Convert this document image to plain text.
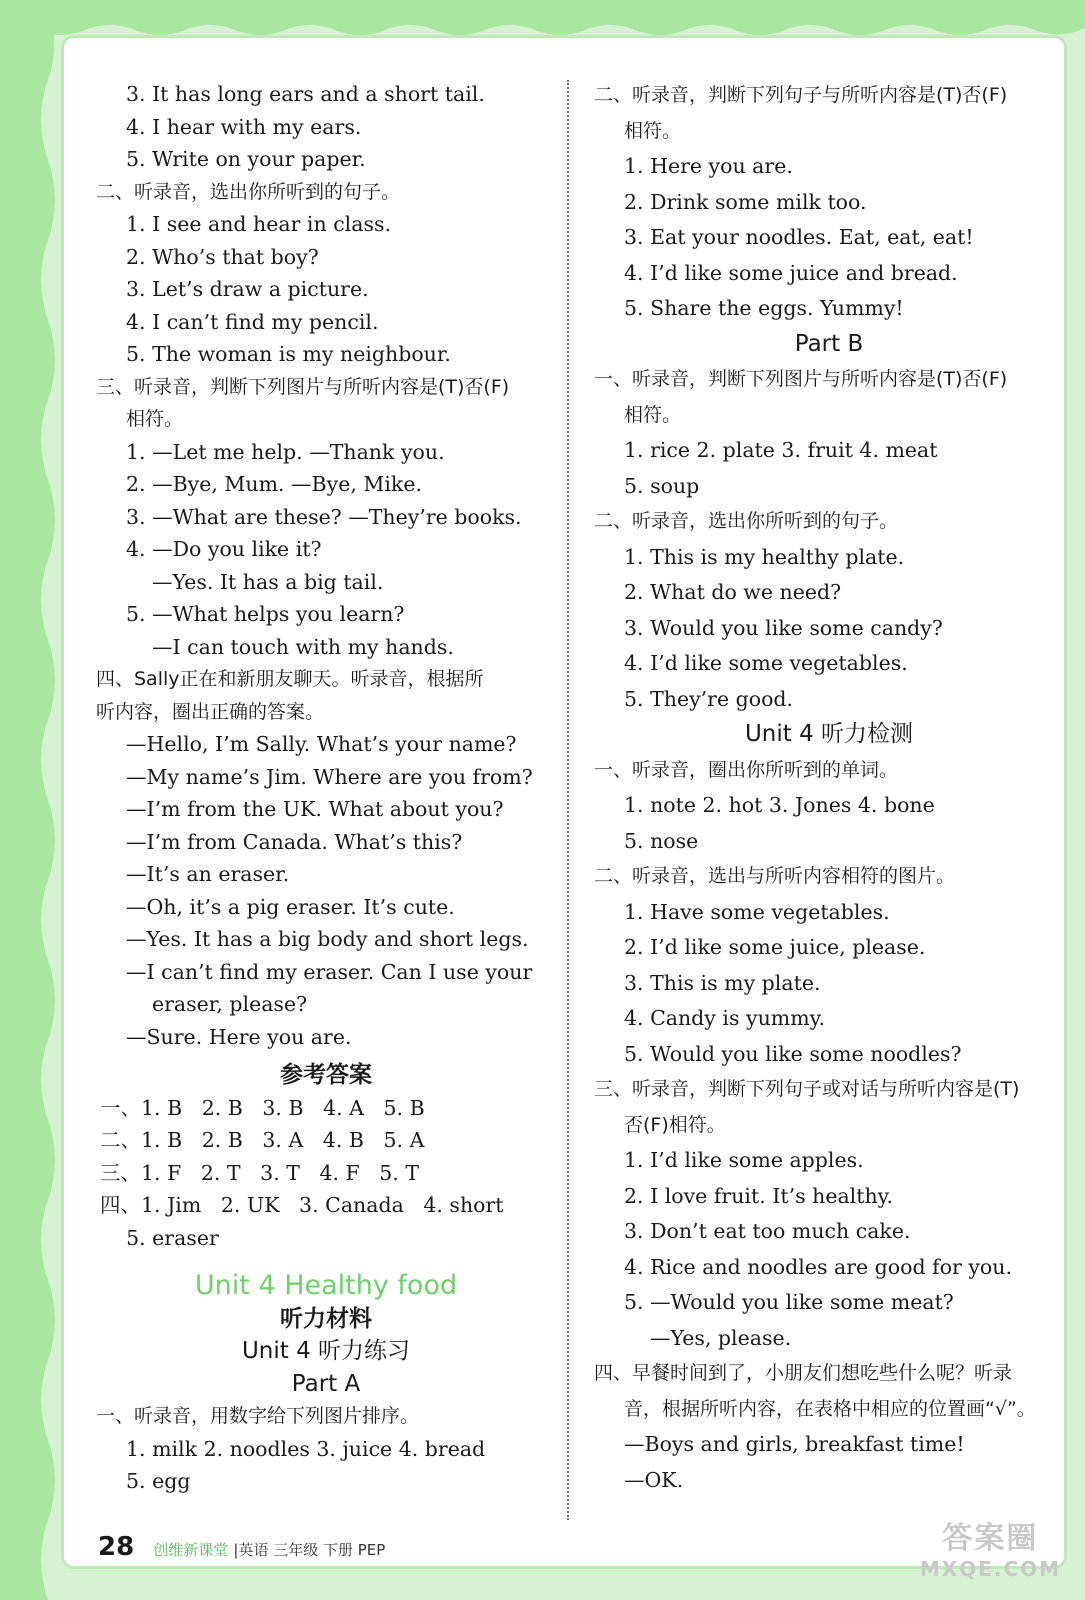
3. It has long ears and a short tail.
4. I hear with my ears.
5. Write on your paper.
二、听录音，选出你所听到的句子。
1. I see and hear in class.
2. Who’s that boy?
3. Let’s draw a picture.
4. I can’t find my pencil.
5. The woman is my neighbour.
三、听录音，判断下列图片与所听内容是(T)否(F)
相符。
1. —Let me help. —Thank you.
2. —Bye, Mum. —Bye, Mike.
3. —What are these? —They’re books.
4. —Do you like it?
—Yes. It has a big tail.
5. —What helps you learn?
—I can touch with my hands.
四、Sally正在和新朋友聊天。听录音，根据所
听内容，圈出正确的答案。
—Hello, I’m Sally. What’s your name?
—My name’s Jim. Where are you from?
—I’m from the UK. What about you?
—I’m from Canada. What’s this?
—It’s an eraser.
—Oh, it’s a pig eraser. It’s cute.
—Yes. It has a big body and short legs.
—I can’t find my eraser. Can I use your
eraser, please?
—Sure. Here you are.
参考答案
一、1. B   2. B   3. B   4. A   5. B
二、1. B   2. B   3. A   4. B   5. A
三、1. F   2. T   3. T   4. F   5. T
四、1. Jim   2. UK   3. Canada   4. short
5. eraser
Unit 4 Healthy food
听力材料
Unit 4 听力练习
Part A
一、听录音，用数字给下列图片排序。
1. milk 2. noodles 3. juice 4. bread
5. egg
二、听录音，判断下列句子与所听内容是(T)否(F)
相符。
1. Here you are.
2. Drink some milk too.
3. Eat your noodles. Eat, eat, eat!
4. I’d like some juice and bread.
5. Share the eggs. Yummy!
Part B
一、听录音，判断下列图片与所听内容是(T)否(F)
相符。
1. rice 2. plate 3. fruit 4. meat
5. soup
二、听录音，选出你所听到的句子。
1. This is my healthy plate.
2. What do we need?
3. Would you like some candy?
4. I’d like some vegetables.
5. They’re good.
Unit 4 听力检测
一、听录音，圈出你所听到的单词。
1. note 2. hot 3. Jones 4. bone
5. nose
二、听录音，选出与所听内容相符的图片。
1. Have some vegetables.
2. I’d like some juice, please.
3. This is my plate.
4. Candy is yummy.
5. Would you like some noodles?
三、听录音，判断下列句子或对话与所听内容是(T)
否(F)相符。
1. I’d like some apples.
2. I love fruit. It’s healthy.
3. Don’t eat too much cake.
4. Rice and noodles are good for you.
5. —Would you like some meat?
—Yes, please.
四、早餐时间到了，小朋友们想吃些什么呢？听录
音，根据所听内容，在表格中相应的位置画“√”。
—Boys and girls, breakfast time!
—OK.
28 创维新课堂 |英语 三年级 下册 PEP	答案圈
MXQE.COM
